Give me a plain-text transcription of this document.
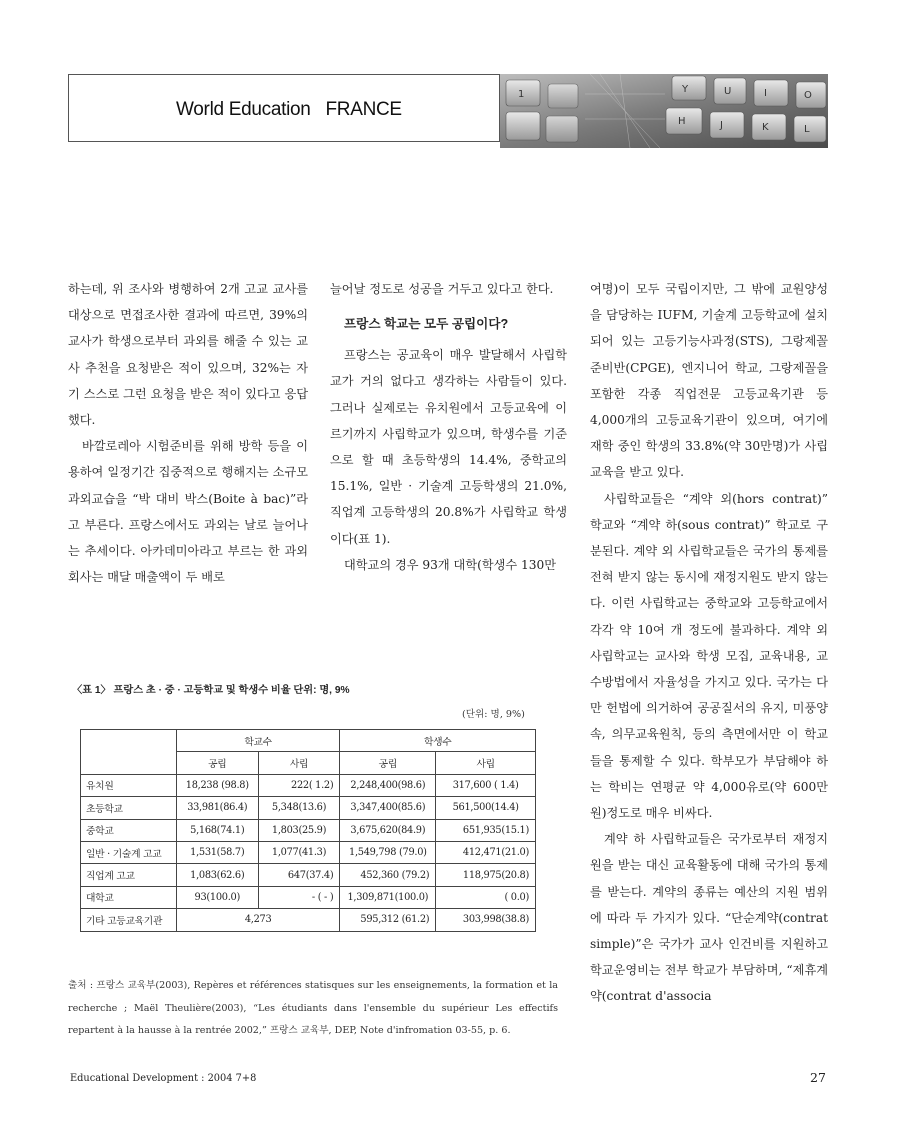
World Education   FRANCE
1	Y	U	I	O
H	J	K	L

하는데, 위 조사와 병행하여 2개 고교 교사를 대상으로 면접조사한 결과에 따르면, 39%의 교사가 학생으로부터 과외를 해줄 수 있는 교사 추천을 요청받은 적이 있으며, 32%는 자기 스스로 그런 요청을 받은 적이 있다고 응답했다.

바깔로레아 시험준비를 위해 방학 등을 이용하여 일정기간 집중적으로 행해지는 소규모 과외교습을 “박 대비 박스(Boite à bac)”라고 부른다. 프랑스에서도 과외는 날로 늘어나는 추세이다. 아카데미아라고 부르는 한 과외회사는 매달 매출액이 두 배로

늘어날 정도로 성공을 거두고 있다고 한다.

프랑스 학교는 모두 공립이다?

프랑스는 공교육이 매우 발달해서 사립학교가 거의 없다고 생각하는 사람들이 있다. 그러나 실제로는 유치원에서 고등교육에 이르기까지 사립학교가 있으며, 학생수를 기준으로 할 때 초등학생의 14.4%, 중학교의 15.1%, 일반 · 기술계 고등학생의 21.0%, 직업계 고등학생의 20.8%가 사립학교 학생이다(표 1).

대학교의 경우 93개 대학(학생수 130만

여명)이 모두 국립이지만, 그 밖에 교원양성을 담당하는 IUFM, 기술계 고등학교에 설치되어 있는 고등기능사과정(STS), 그랑제꼴 준비반(CPGE), 엔지니어 학교, 그랑제꼴을 포함한 각종 직업전문 고등교육기관 등 4,000개의 고등교육기관이 있으며, 여기에 재학 중인 학생의 33.8%(약 30만명)가 사립교육을 받고 있다.

사립학교들은 “계약 외(hors contrat)” 학교와 “계약 하(sous contrat)” 학교로 구분된다. 계약 외 사립학교들은 국가의 통제를 전혀 받지 않는 동시에 재정지원도 받지 않는다. 이런 사립학교는 중학교와 고등학교에서 각각 약 10여 개 정도에 불과하다. 계약 외 사립학교는 교사와 학생 모집, 교육내용, 교수방법에서 자율성을 가지고 있다. 국가는 다만 헌법에 의거하여 공공질서의 유지, 미풍양속, 의무교육원칙, 등의 측면에서만 이 학교들을 통제할 수 있다. 학부모가 부담해야 하는 학비는 연평균 약 4,000유로(약 600만원)정도로 매우 비싸다.

계약 하 사립학교들은 국가로부터 재정지원을 받는 대신 교육활동에 대해 국가의 통제를 받는다. 계약의 종류는 예산의 지원 범위에 따라 두 가지가 있다. “단순계약(contrat simple)”은 국가가 교사 인건비를 지원하고 학교운영비는 전부 학교가 부담하며, “제휴계약(contrat d'associa

〈표 1〉 프랑스 초 · 중 · 고등학교 및 학생수 비율 단위: 명, 9%
(단위: 명, 9%)
	학교수		학생수	
	공립	사립	공립	사립
유치원	18,238 (98.8)	222( 1.2)	2,248,400(98.6)	317,600 ( 1.4)
초등학교	33,981(86.4)	5,348(13.6)	3,347,400(85.6)	561,500(14.4)
중학교	5,168(74.1)	1,803(25.9)	3,675,620(84.9)	651,935(15.1)
일반 · 기술계 고교	1,531(58.7)	1,077(41.3)	1,549,798 (79.0)	412,471(21.0)
직업계 고교	1,083(62.6)	647(37.4)	452,360 (79.2)	118,975(20.8)
대학교	93(100.0)	- ( - )	1,309,871(100.0)	( 0.0)
기타 고등교육기관	4,273		595,312 (61.2)	303,998(38.8)
출처 : 프랑스 교육부(2003), Repères et références statisques sur les enseignements, la formation et la recherche ; Maël Theulière(2003), “Les étudiants dans l'ensemble du supérieur Les effectifs repartent à la hausse à la rentrée 2002,” 프랑스 교육부, DEP, Note d'infromation 03-55, p. 6.
Educational Development : 2004 7+8	27
